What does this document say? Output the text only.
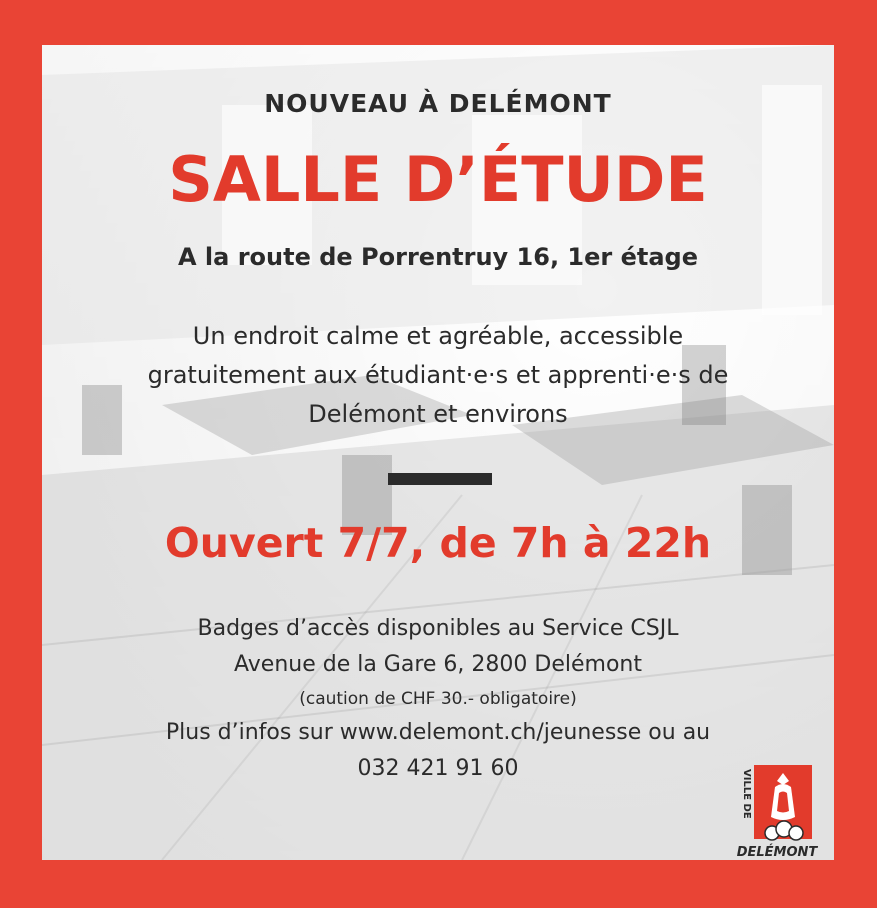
NOUVEAU À DELÉMONT
SALLE D’ÉTUDE
A la route de Porrentruy 16, 1er étage
Un endroit calme et agréable, accessible
gratuitement aux étudiant·e·s et apprenti·e·s de
Delémont et environs
Ouvert 7/7, de 7h à 22h
Badges d’accès disponibles au Service CSJL
Avenue de la Gare 6, 2800 Delémont
(caution de CHF 30.- obligatoire)
Plus d’infos sur www.delemont.ch/jeunesse ou au
032 421 91 60
VILLE DE
DELÉMONT
